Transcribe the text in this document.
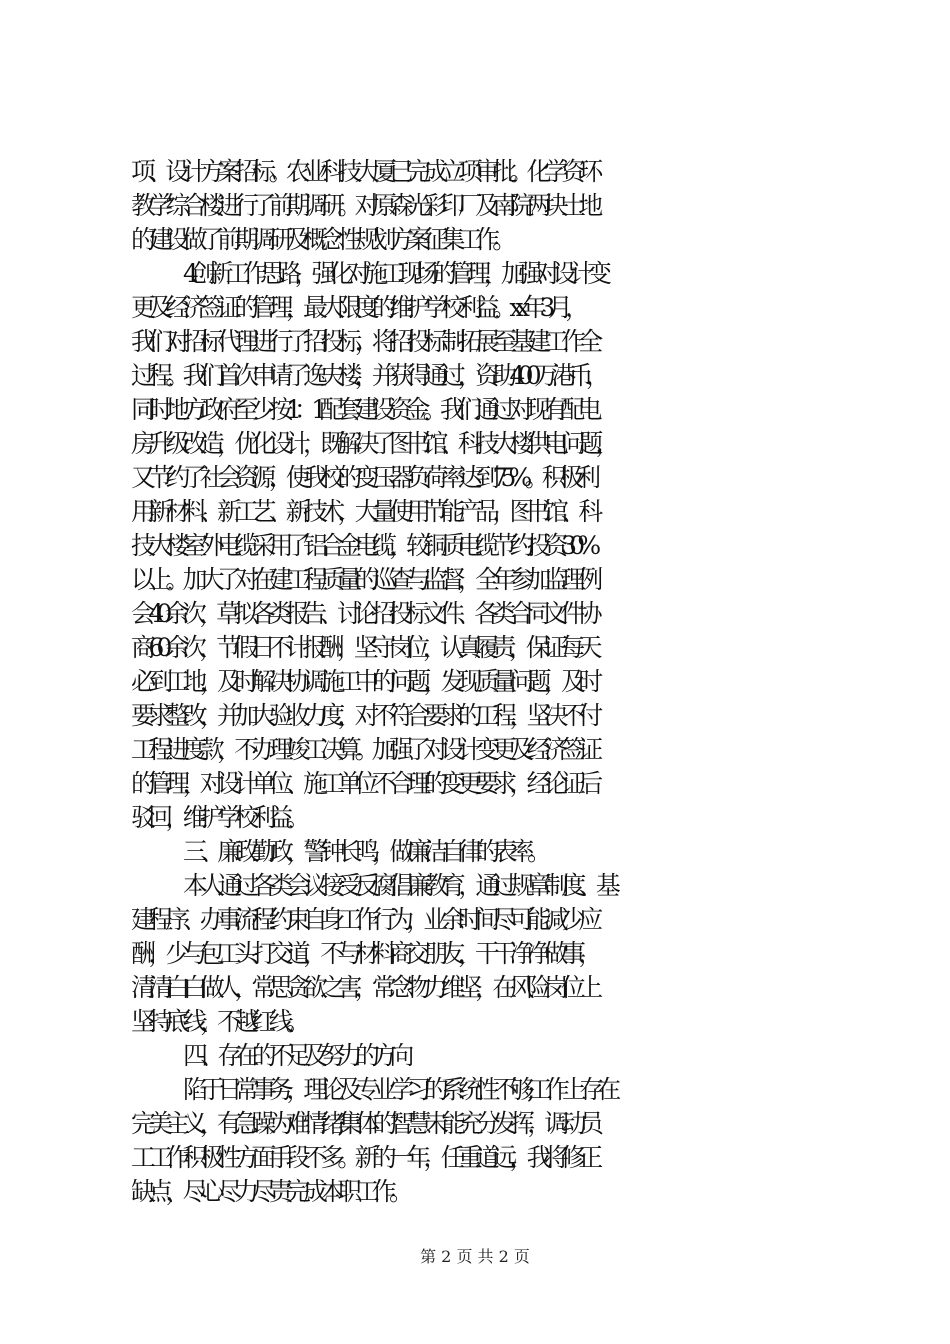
项、设计方案招标。农业科技大厦已完成立项审批。化学资环
教学综合楼进行了前期调研。对原森光彩印厂及南院两块土地
的建设做了前期调研及概念性规划方案征集工作。
4.创新工作思路，强化对施工现场的管理，加强对设计变
更及经济签证的管理，最大限度的维护学校利益。xx 年 3 月，
我们对招标代理进行了招投标，将招投标制拓展至基建工作全
过程。我们首次申请了逸夫楼，并获得通过，资助 400 万港币，
同时地方政府至少按 1：1 配套建设资金。我们通过对现有配电
房升级改造，优化设计，既解决了图书馆、科技大楼供电问题，
又节约了社会资源，使我校的变压器负荷率达到 75%。积极利
用新材料、新工艺、新技术，大量使用节能产品，图书馆、科
技大楼室外电缆采用了铝合金电缆，较铜质电缆节约投资 30%
以上。加大了对在建工程质量的巡查与监督，全年参加监理例
会 40 余次，草拟各类报告、讨论招投标文件、各类合同文件协
商 60 余次，节假日不计报酬，坚守岗位，认真履责，保证每天
必到工地，及时解决协调施工中的问题，发现质量问题，及时
要求整改，并加大验收力度，对不符合要求的工程，坚决不付
工程进度款，不办理竣工决算。加强了对设计变更及经济签证
的管理，对设计单位、施工单位不合理的变更要求，经论证后
驳回，维护学校利益。
三、廉政勤政，警钟长鸣，做廉洁自律的表率。
本人通过各类会议接受反腐倡廉教育，通过规章制度、基
建程序、办事流程约束自身工作行为，业余时间尽可能减少应
酬，少与包工头打交道，不与材料商交朋友，干干净净做事，
清清白白做人，常思贪欲之害，常念物力维坚，在风险岗位上
坚持底线，不越红线。
四、存在的不足及努力的方向
陷于日常事务，理论及专业学习的系统性不够;工作上存在
完美主义，有急躁为难情绪;集体的智慧未能充分发挥，调动员
工工作积极性方面手段不多。新的一年，任重道远，我将修正
缺点，尽心尽力尽责完成本职工作。
第 2 页 共 2 页
